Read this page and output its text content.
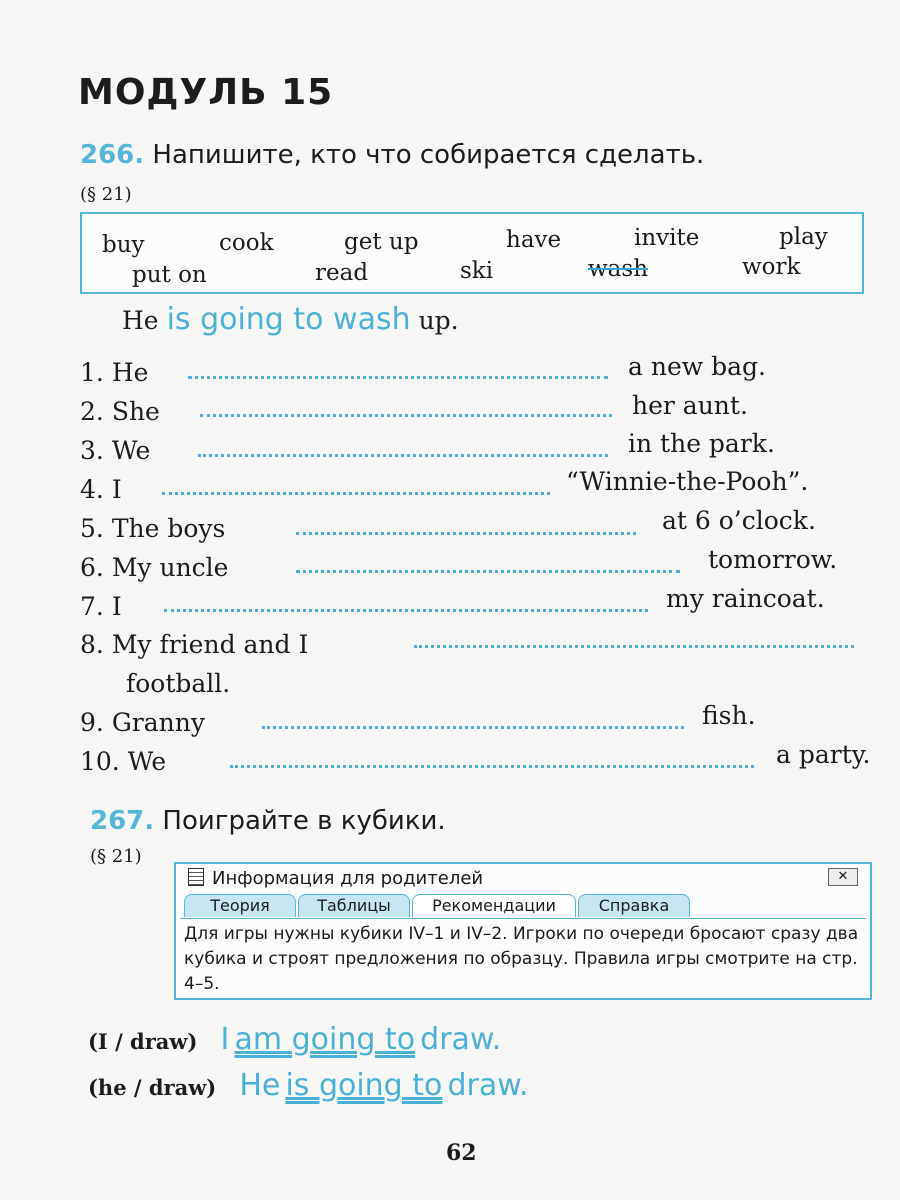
МОДУЛЬ 15
266. Напишите, кто что собирается сделать.
(§ 21)
buy	cook	get up	have	invite	play
put on	read	ski	wash	work
He is going to wash up.
1. He	a new bag.
2. She	her aunt.
3. We	in the park.
4. I	“Winnie-the-Pooh”.
5. The boys	at 6 o’clock.
6. My uncle	tomorrow.
7. I	my raincoat.
8. My friend and I
football.
9. Granny	fish.
10. We	a party.
267. Поиграйте в кубики.
(§ 21)
Информация для родителей	✕
Теория	Таблицы	Рекомендации	Справка
Для игры нужны кубики IV–1 и IV–2. Игроки по очереди бросают сразу два кубика и строят предложения по образцу. Правила игры смотрите на стр. 4–5.
(I / draw) I am going to draw.
(he / draw) He is going to draw.
62
